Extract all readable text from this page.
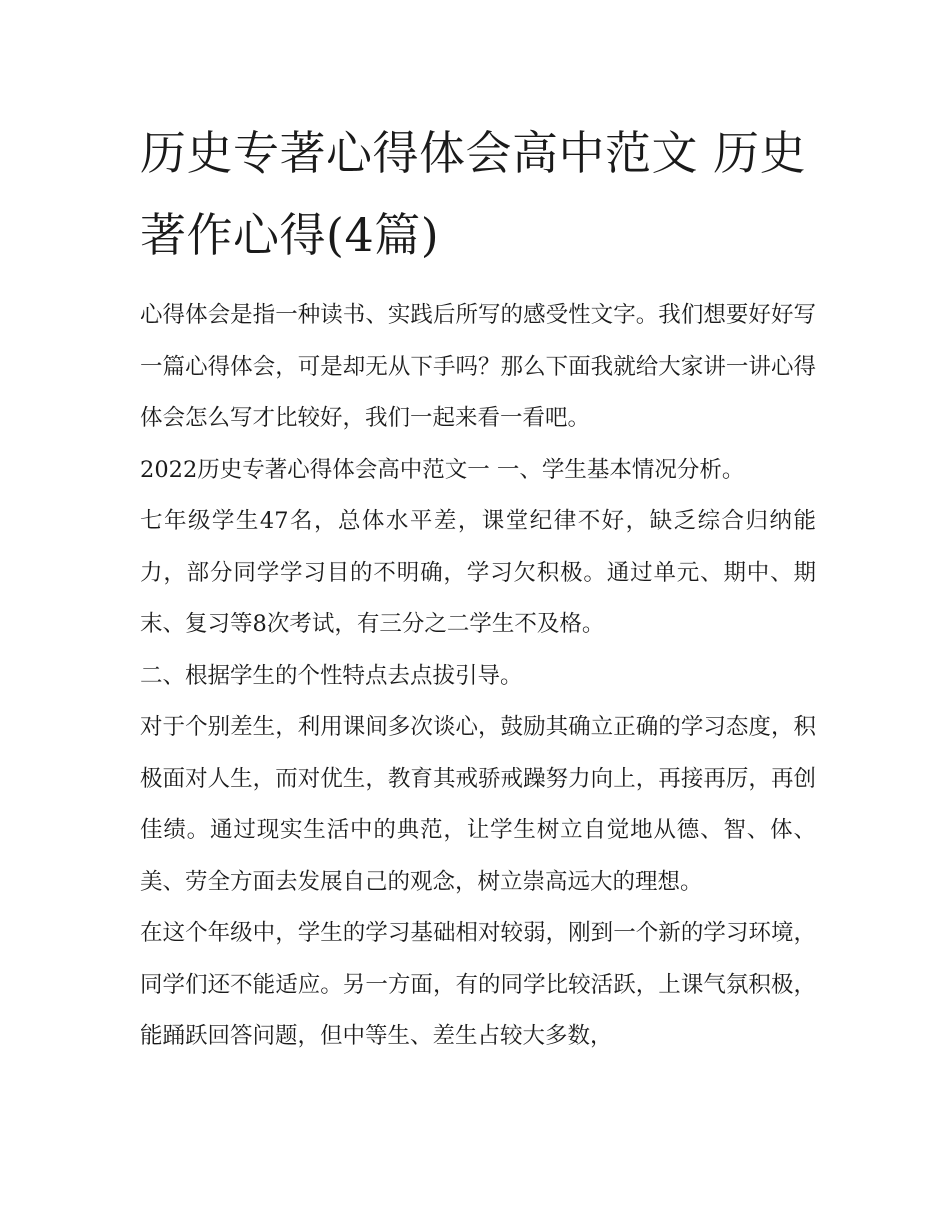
历史专著心得体会高中范文 历史著作心得(4篇)

心得体会是指一种读书、实践后所写的感受性文字。我们想要好好写一篇心得体会，可是却无从下手吗？那么下面我就给大家讲一讲心得体会怎么写才比较好，我们一起来看一看吧。

2022历史专著心得体会高中范文一 一、学生基本情况分析。

七年级学生47名，总体水平差，课堂纪律不好，缺乏综合归纳能力，部分同学学习目的不明确，学习欠积极。通过单元、期中、期末、复习等8次考试，有三分之二学生不及格。

二、根据学生的个性特点去点拔引导。

对于个别差生，利用课间多次谈心，鼓励其确立正确的学习态度，积极面对人生，而对优生，教育其戒骄戒躁努力向上，再接再厉，再创佳绩。通过现实生活中的典范，让学生树立自觉地从德、智、体、美、劳全方面去发展自己的观念，树立崇高远大的理想。

在这个年级中，学生的学习基础相对较弱，刚到一个新的学习环境，同学们还不能适应。另一方面，有的同学比较活跃，上课气氛积极，能踊跃回答问题，但中等生、差生占较大多数，
